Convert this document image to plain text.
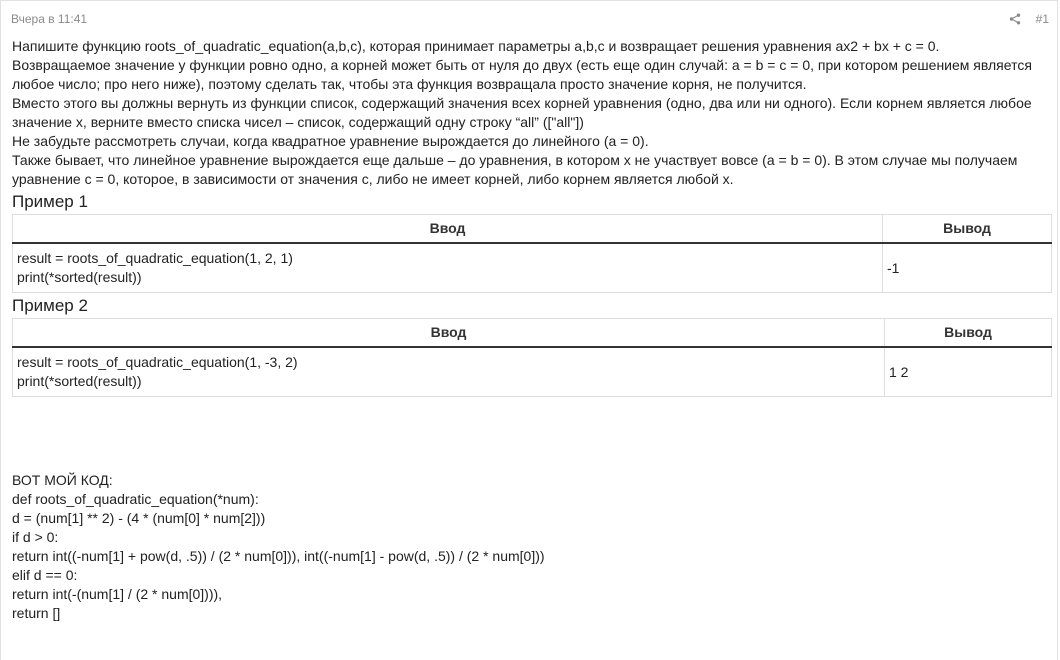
Вчера в 11:41	#1

Напишите функцию roots_of_quadratic_equation(a,b,c), которая принимает параметры a,b,c и возвращает решения уравнения ax2 + bx + c = 0.

Возвращаемое значение у функции ровно одно, а корней может быть от нуля до двух (есть еще один случай: a = b = c = 0, при котором решением является любое число; про него ниже), поэтому сделать так, чтобы эта функция возвращала просто значение корня, не получится.

Вместо этого вы должны вернуть из функции список, содержащий значения всех корней уравнения (одно, два или ни одного). Если корнем является любое значение x, верните вместо списка чисел – список, содержащий одну строку “all” (["all"])

Не забудьте рассмотреть случаи, когда квадратное уравнение вырождается до линейного (a = 0).

Также бывает, что линейное уравнение вырождается еще дальше – до уравнения, в котором x не участвует вовсе (a = b = 0). В этом случае мы получаем уравнение c = 0, которое, в зависимости от значения c, либо не имеет корней, либо корнем является любой x.

Пример 1
Ввод	Вывод

result = roots_of_quadratic_equation(1, 2, 1)
print(*sorted(result))	-1
Пример 2
Ввод	Вывод

result = roots_of_quadratic_equation(1, -3, 2)
print(*sorted(result))	1 2

ВОТ МОЙ КОД:

def roots_of_quadratic_equation(*num):
d = (num[1] ** 2) - (4 * (num[0] * num[2]))
if d > 0:
return int((-num[1] + pow(d, .5)) / (2 * num[0])), int((-num[1] - pow(d, .5)) / (2 * num[0]))
elif d == 0:
return int(-(num[1] / (2 * num[0]))),
return []
